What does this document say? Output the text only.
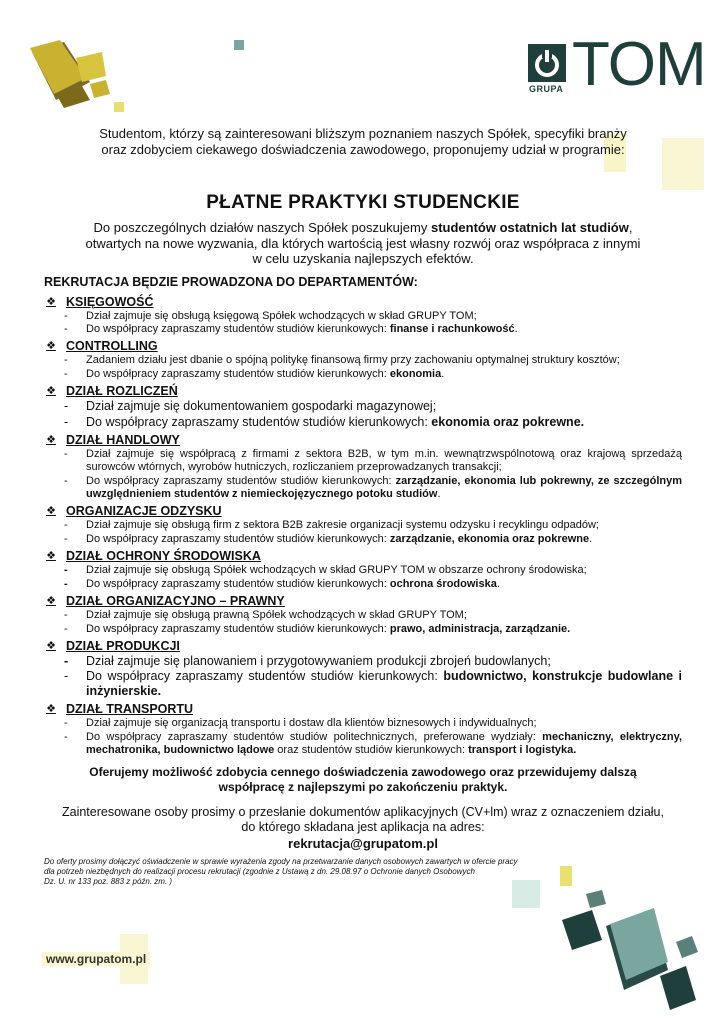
TOM
GRUPA

Studentom, którzy są zainteresowani bliższym poznaniem naszych Spółek, specyfiki branży
oraz zdobyciem ciekawego doświadczenia zawodowego, proponujemy udział w programie:

PŁATNE PRAKTYKI STUDENCKIE

Do poszczególnych działów naszych Spółek poszukujemy studentów ostatnich lat studiów,
otwartych na nowe wyzwania, dla których wartością jest własny rozwój oraz współpraca z innymi
w celu uzyskania najlepszych efektów.

REKRUTACJA BĘDZIE PROWADZONA DO DEPARTAMENTÓW:
❖ KSIĘGOWOŚĆ
-	Dział zajmuje się obsługą księgową Spółek wchodzących w skład GRUPY TOM;
-	Do współpracy zapraszamy studentów studiów kierunkowych: finanse i rachunkowość.
❖ CONTROLLING
-	Zadaniem działu jest dbanie o spójną politykę finansową firmy przy zachowaniu optymalnej struktury kosztów;
-	Do współpracy zapraszamy studentów studiów kierunkowych: ekonomia.
❖ DZIAŁ ROZLICZEŃ
-	Dział zajmuje się dokumentowaniem gospodarki magazynowej;
-	Do współpracy zapraszamy studentów studiów kierunkowych: ekonomia oraz pokrewne.
❖ DZIAŁ HANDLOWY
-	Dział zajmuje się współpracą z firmami z sektora B2B, w tym m.in. wewnątrzwspólnotową oraz krajową sprzedażą surowców wtórnych, wyrobów hutniczych, rozliczaniem przeprowadzanych transakcji;
-	Do współpracy zapraszamy studentów studiów kierunkowych: zarządzanie, ekonomia lub pokrewny, ze szczególnym uwzględnieniem studentów z niemieckojęzycznego potoku studiów.
❖ ORGANIZACJE ODZYSKU
-	Dział zajmuje się obsługą firm z sektora B2B zakresie organizacji systemu odzysku i recyklingu odpadów;
-	Do współpracy zapraszamy studentów studiów kierunkowych: zarządzanie, ekonomia oraz pokrewne.
❖ DZIAŁ OCHRONY ŚRODOWISKA
-	Dział zajmuje się obsługą Spółek wchodzących w skład GRUPY TOM w obszarze ochrony środowiska;
-	Do współpracy zapraszamy studentów studiów kierunkowych: ochrona środowiska.
❖ DZIAŁ ORGANIZACYJNO – PRAWNY
-	Dział zajmuje się obsługą prawną Spółek wchodzących w skład GRUPY TOM;
-	Do współpracy zapraszamy studentów studiów kierunkowych: prawo, administracja, zarządzanie.
❖ DZIAŁ PRODUKCJI
-	Dział zajmuje się planowaniem i przygotowywaniem produkcji zbrojeń budowlanych;
-	Do współpracy zapraszamy studentów studiów kierunkowych: budownictwo, konstrukcje budowlane i inżynierskie.
❖ DZIAŁ TRANSPORTU
-	Dział zajmuje się organizacją transportu i dostaw dla klientów biznesowych i indywidualnych;
-	Do współpracy zapraszamy studentów studiów politechnicznych, preferowane wydziały: mechaniczny, elektryczny, mechatronika, budownictwo lądowe oraz studentów studiów kierunkowych: transport i logistyka.
Oferujemy możliwość zdobycia cennego doświadczenia zawodowego oraz przewidujemy dalszą
współpracę z najlepszymi po zakończeniu praktyk.

Zainteresowane osoby prosimy o przesłanie dokumentów aplikacyjnych (CV+lm) wraz z oznaczeniem działu,
do którego składana jest aplikacja na adres:

rekrutacja@grupatom.pl
Do oferty prosimy dołączyć oświadczenie w sprawie wyrażenia zgody na przetwarzanie danych osobowych zawartych w ofercie pracy
dla potrzeb niezbędnych do realizacji procesu rekrutacji (zgodnie z Ustawą z dn. 29.08.97 o Ochronie danych Osobowych
Dz. U. nr 133 poz. 883 z późn. zm. )
www.grupatom.pl
